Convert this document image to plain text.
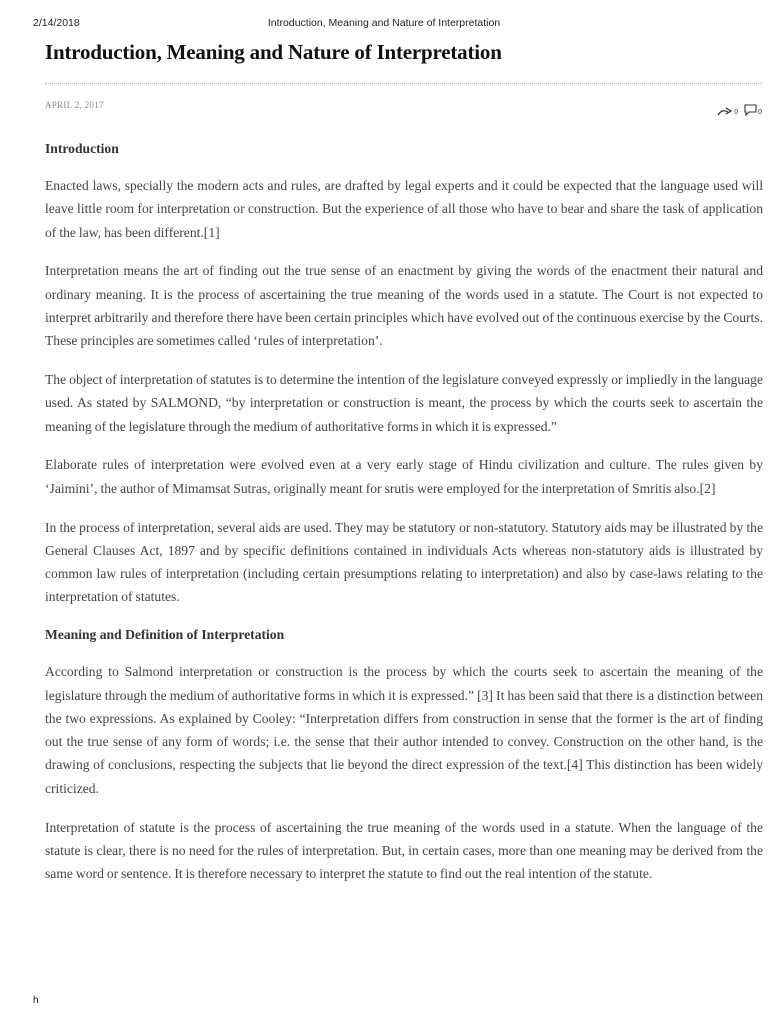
2/14/2018	Introduction, Meaning and Nature of Interpretation
Introduction, Meaning and Nature of Interpretation
APRIL 2, 2017
0	0
Introduction

Enacted laws, specially the modern acts and rules, are drafted by legal experts and it could be expected that the language used will leave little room for interpretation or construction. But the experience of all those who have to bear and share the task of application of the law, has been different.[1]

Interpretation means the art of finding out the true sense of an enactment by giving the words of the enactment their natural and ordinary meaning. It is the process of ascertaining the true meaning of the words used in a statute. The Court is not expected to interpret arbitrarily and therefore there have been certain principles which have evolved out of the continuous exercise by the Courts. These principles are sometimes called ‘rules of interpretation’.

The object of interpretation of statutes is to determine the intention of the legislature conveyed expressly or impliedly in the language used. As stated by SALMOND, “by interpretation or construction is meant, the process by which the courts seek to ascertain the meaning of the legislature through the medium of authoritative forms in which it is expressed.”

Elaborate rules of interpretation were evolved even at a very early stage of Hindu civilization and culture. The rules given by ‘Jaimini’, the author of Mimamsat Sutras, originally meant for srutis were employed for the interpretation of Smritis also.[2]

In the process of interpretation, several aids are used. They may be statutory or non-statutory. Statutory aids may be illustrated by the General Clauses Act, 1897 and by specific definitions contained in individuals Acts whereas non-statutory aids is illustrated by common law rules of interpretation (including certain presumptions relating to interpretation) and also by case-laws relating to the interpretation of statutes.

Meaning and Definition of Interpretation

According to Salmond interpretation or construction is the process by which the courts seek to ascertain the meaning of the legislature through the medium of authoritative forms in which it is expressed.” [3] It has been said that there is a distinction between the two expressions. As explained by Cooley: “Interpretation differs from construction in sense that the former is the art of finding out the true sense of any form of words; i.e. the sense that their author intended to convey. Construction on the other hand, is the drawing of conclusions, respecting the subjects that lie beyond the direct expression of the text.[4] This distinction has been widely criticized.

Interpretation of statute is the process of ascertaining the true meaning of the words used in a statute. When the language of the statute is clear, there is no need for the rules of interpretation. But, in certain cases, more than one meaning may be derived from the same word or sentence. It is therefore necessary to interpret the statute to find out the real intention of the statute.

h
